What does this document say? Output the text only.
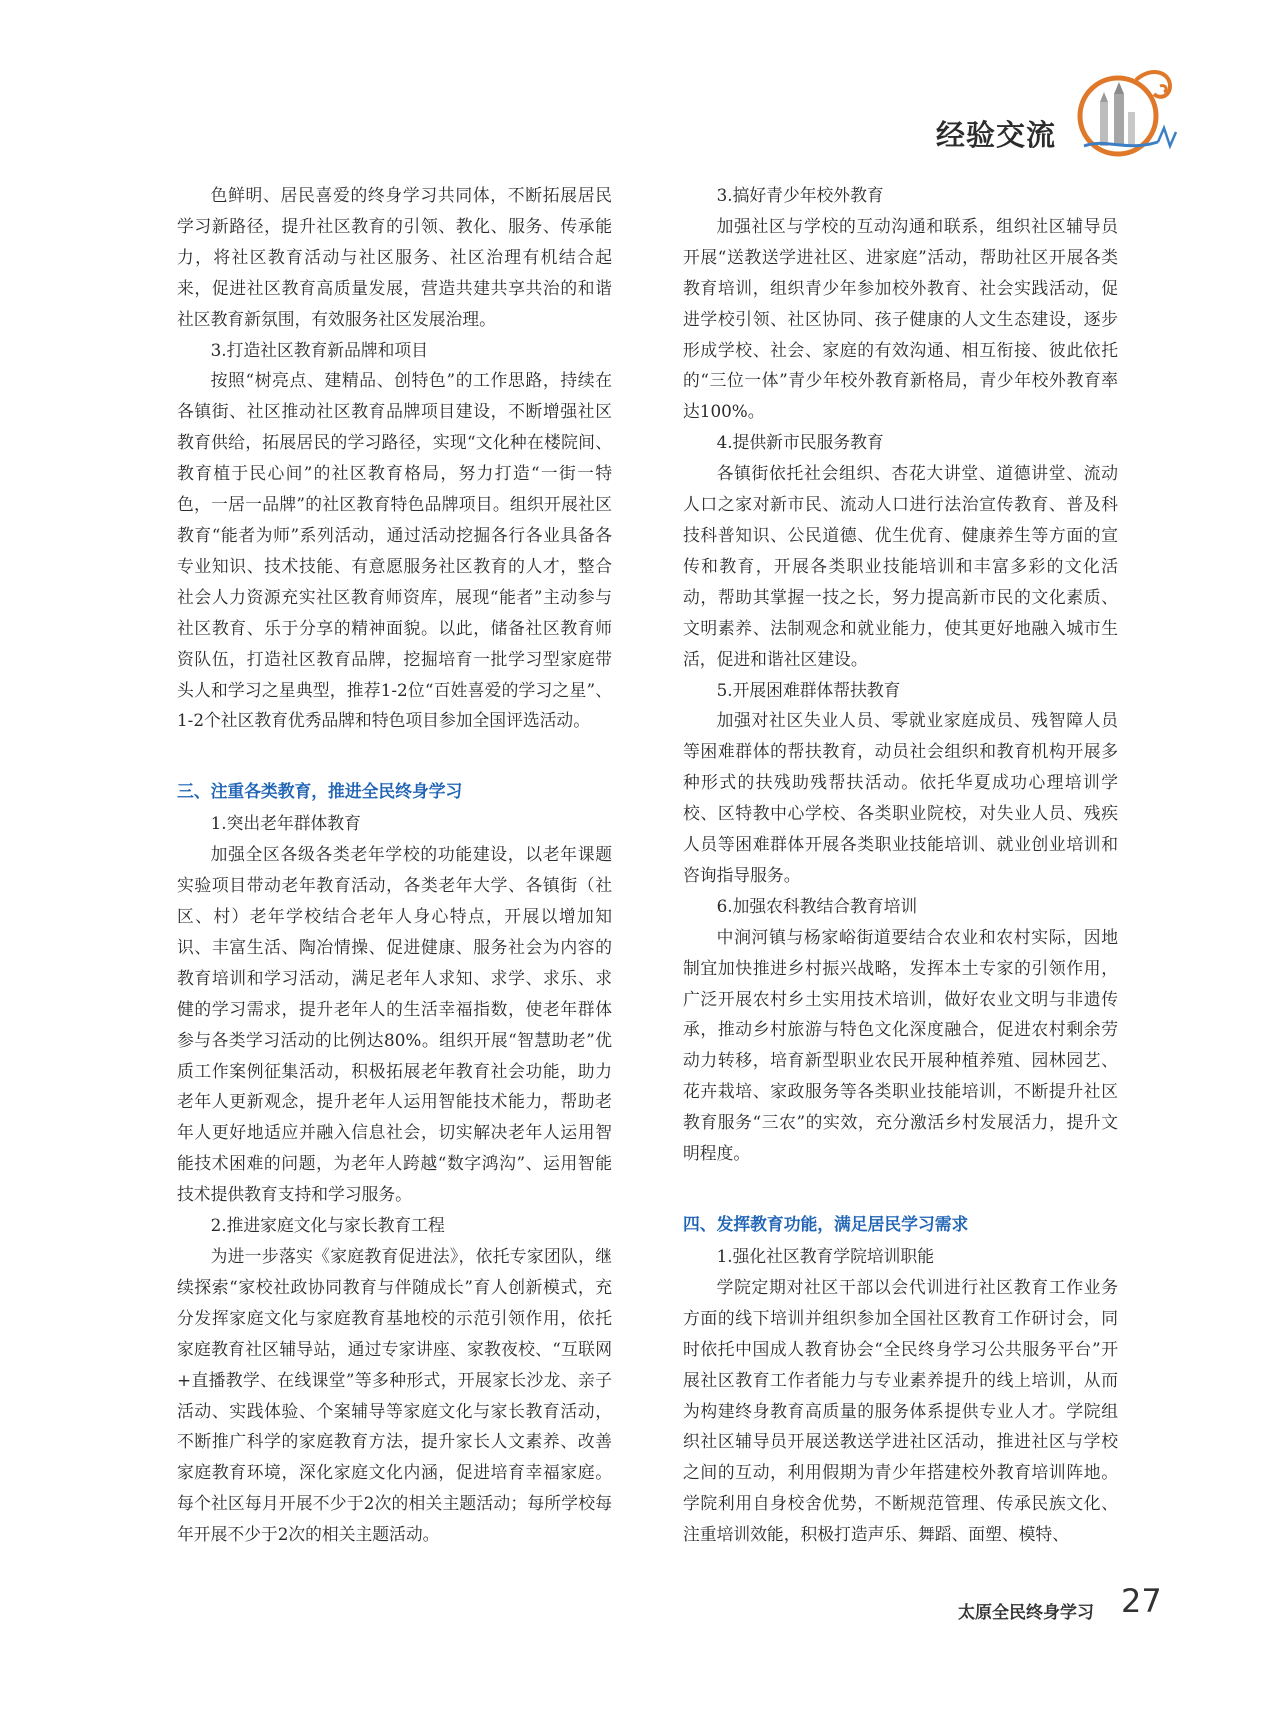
经验交流

色鲜明、居民喜爱的终身学习共同体，不断拓展居民学习新路径，提升社区教育的引领、教化、服务、传承能力，将社区教育活动与社区服务、社区治理有机结合起来，促进社区教育高质量发展，营造共建共享共治的和谐社区教育新氛围，有效服务社区发展治理。

3.打造社区教育新品牌和项目

按照“树亮点、建精品、创特色”的工作思路，持续在各镇街、社区推动社区教育品牌项目建设，不断增强社区教育供给，拓展居民的学习路径，实现“文化种在楼院间、教育植于民心间”的社区教育格局，努力打造“一街一特色，一居一品牌”的社区教育特色品牌项目。组织开展社区教育“能者为师”系列活动，通过活动挖掘各行各业具备各专业知识、技术技能、有意愿服务社区教育的人才，整合社会人力资源充实社区教育师资库，展现“能者”主动参与社区教育、乐于分享的精神面貌。以此，储备社区教育师资队伍，打造社区教育品牌，挖掘培育一批学习型家庭带头人和学习之星典型，推荐1-2位“百姓喜爱的学习之星”、1-2个社区教育优秀品牌和特色项目参加全国评选活动。

三、注重各类教育，推进全民终身学习

1.突出老年群体教育

加强全区各级各类老年学校的功能建设，以老年课题实验项目带动老年教育活动，各类老年大学、各镇街（社区、村）老年学校结合老年人身心特点，开展以增加知识、丰富生活、陶冶情操、促进健康、服务社会为内容的教育培训和学习活动，满足老年人求知、求学、求乐、求健的学习需求，提升老年人的生活幸福指数，使老年群体参与各类学习活动的比例达80%。组织开展“智慧助老”优质工作案例征集活动，积极拓展老年教育社会功能，助力老年人更新观念，提升老年人运用智能技术能力，帮助老年人更好地适应并融入信息社会，切实解决老年人运用智能技术困难的问题，为老年人跨越“数字鸿沟”、运用智能技术提供教育支持和学习服务。

2.推进家庭文化与家长教育工程

为进一步落实《家庭教育促进法》，依托专家团队，继续探索“家校社政协同教育与伴随成长”育人创新模式，充分发挥家庭文化与家庭教育基地校的示范引领作用，依托家庭教育社区辅导站，通过专家讲座、家教夜校、“互联网+直播教学、在线课堂”等多种形式，开展家长沙龙、亲子活动、实践体验、个案辅导等家庭文化与家长教育活动，不断推广科学的家庭教育方法，提升家长人文素养、改善家庭教育环境，深化家庭文化内涵，促进培育幸福家庭。每个社区每月开展不少于2次的相关主题活动；每所学校每年开展不少于2次的相关主题活动。

3.搞好青少年校外教育

加强社区与学校的互动沟通和联系，组织社区辅导员开展“送教送学进社区、进家庭”活动，帮助社区开展各类教育培训，组织青少年参加校外教育、社会实践活动，促进学校引领、社区协同、孩子健康的人文生态建设，逐步形成学校、社会、家庭的有效沟通、相互衔接、彼此依托的“三位一体”青少年校外教育新格局，青少年校外教育率达100%。

4.提供新市民服务教育

各镇街依托社会组织、杏花大讲堂、道德讲堂、流动人口之家对新市民、流动人口进行法治宣传教育、普及科技科普知识、公民道德、优生优育、健康养生等方面的宣传和教育，开展各类职业技能培训和丰富多彩的文化活动，帮助其掌握一技之长，努力提高新市民的文化素质、文明素养、法制观念和就业能力，使其更好地融入城市生活，促进和谐社区建设。

5.开展困难群体帮扶教育

加强对社区失业人员、零就业家庭成员、残智障人员等困难群体的帮扶教育，动员社会组织和教育机构开展多种形式的扶残助残帮扶活动。依托华夏成功心理培训学校、区特教中心学校、各类职业院校，对失业人员、残疾人员等困难群体开展各类职业技能培训、就业创业培训和咨询指导服务。

6.加强农科教结合教育培训

中涧河镇与杨家峪街道要结合农业和农村实际，因地制宜加快推进乡村振兴战略，发挥本土专家的引领作用，广泛开展农村乡土实用技术培训，做好农业文明与非遗传承，推动乡村旅游与特色文化深度融合，促进农村剩余劳动力转移，培育新型职业农民开展种植养殖、园林园艺、花卉栽培、家政服务等各类职业技能培训，不断提升社区教育服务“三农”的实效，充分激活乡村发展活力，提升文明程度。

四、发挥教育功能，满足居民学习需求

1.强化社区教育学院培训职能

学院定期对社区干部以会代训进行社区教育工作业务方面的线下培训并组织参加全国社区教育工作研讨会，同时依托中国成人教育协会“全民终身学习公共服务平台”开展社区教育工作者能力与专业素养提升的线上培训，从而为构建终身教育高质量的服务体系提供专业人才。学院组织社区辅导员开展送教送学进社区活动，推进社区与学校之间的互动，利用假期为青少年搭建校外教育培训阵地。学院利用自身校舍优势，不断规范管理、传承民族文化、注重培训效能，积极打造声乐、舞蹈、面塑、模特、

太原全民终身学习 27
